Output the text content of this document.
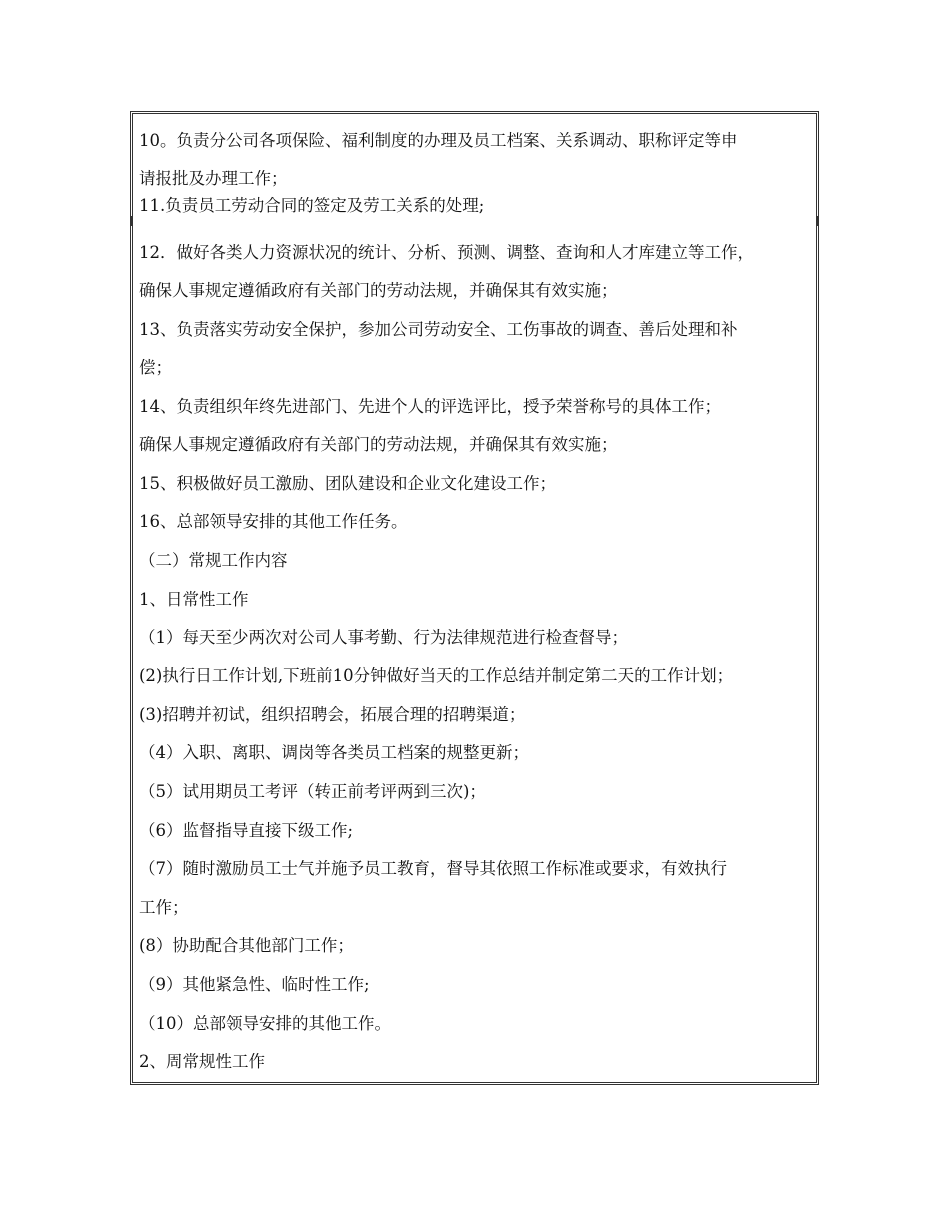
10。负责分公司各项保险、福利制度的办理及员工档案、关系调动、职称评定等申

请报批及办理工作；

11.负责员工劳动合同的签定及劳工关系的处理;

12．做好各类人力资源状况的统计、分析、预测、调整、查询和人才库建立等工作，

确保人事规定遵循政府有关部门的劳动法规，并确保其有效实施；

13、负责落实劳动安全保护，参加公司劳动安全、工伤事故的调查、善后处理和补

偿；

14、负责组织年终先进部门、先进个人的评选评比，授予荣誉称号的具体工作；

确保人事规定遵循政府有关部门的劳动法规，并确保其有效实施；

15、积极做好员工激励、团队建设和企业文化建设工作；

16、总部领导安排的其他工作任务。

（二）常规工作内容

1、日常性工作

（1）每天至少两次对公司人事考勤、行为法律规范进行检查督导；

(2)执行日工作计划,下班前10分钟做好当天的工作总结并制定第二天的工作计划；

(3)招聘并初试，组织招聘会，拓展合理的招聘渠道；

（4）入职、离职、调岗等各类员工档案的规整更新；

（5）试用期员工考评（转正前考评两到三次)；

（6）监督指导直接下级工作;

（7）随时激励员工士气并施予员工教育，督导其依照工作标准或要求，有效执行

工作；

(8）协助配合其他部门工作；

（9）其他紧急性、临时性工作;

（10）总部领导安排的其他工作。

2、周常规性工作
